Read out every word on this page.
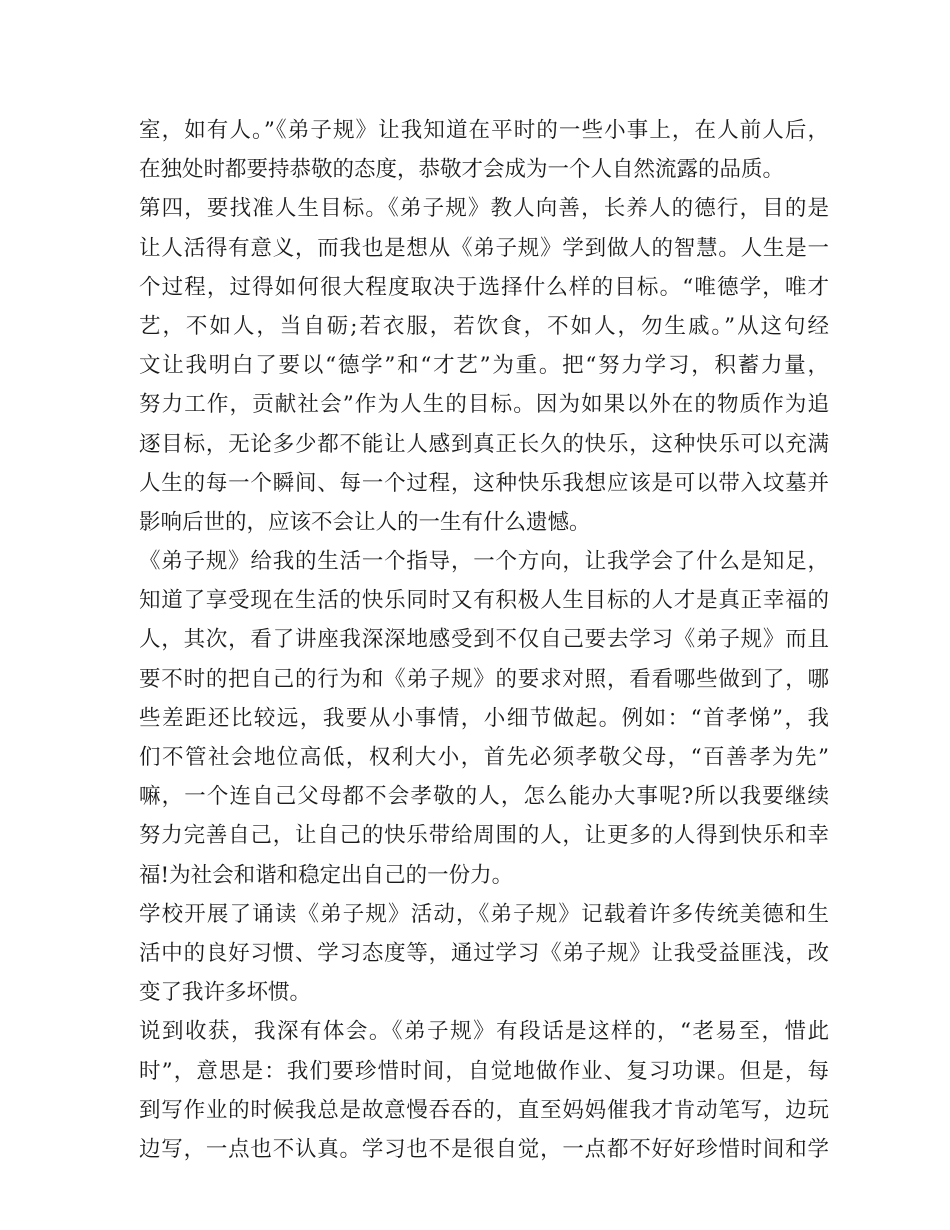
室，如有人。”《弟子规》让我知道在平时的一些小事上，在人前人后，
在独处时都要持恭敬的态度，恭敬才会成为一个人自然流露的品质。
第四，要找准人生目标。《弟子规》教人向善，长养人的德行，目的是
让人活得有意义，而我也是想从《弟子规》学到做人的智慧。人生是一
个过程，过得如何很大程度取决于选择什么样的目标。“唯德学，唯才
艺，不如人，当自砺;若衣服，若饮食，不如人，勿生戚。”从这句经
文让我明白了要以“德学”和“才艺”为重。把“努力学习，积蓄力量，
努力工作，贡献社会”作为人生的目标。因为如果以外在的物质作为追
逐目标，无论多少都不能让人感到真正长久的快乐，这种快乐可以充满
人生的每一个瞬间、每一个过程，这种快乐我想应该是可以带入坟墓并
影响后世的，应该不会让人的一生有什么遗憾。
《弟子规》给我的生活一个指导，一个方向，让我学会了什么是知足，
知道了享受现在生活的快乐同时又有积极人生目标的人才是真正幸福的
人，其次，看了讲座我深深地感受到不仅自己要去学习《弟子规》而且
要不时的把自己的行为和《弟子规》的要求对照，看看哪些做到了，哪
些差距还比较远，我要从小事情，小细节做起。例如：“首孝悌”，我
们不管社会地位高低，权利大小，首先必须孝敬父母，“百善孝为先”
嘛，一个连自己父母都不会孝敬的人，怎么能办大事呢?所以我要继续
努力完善自己，让自己的快乐带给周围的人，让更多的人得到快乐和幸
福!为社会和谐和稳定出自己的一份力。
学校开展了诵读《弟子规》活动，《弟子规》记载着许多传统美德和生
活中的良好习惯、学习态度等，通过学习《弟子规》让我受益匪浅，改
变了我许多坏惯。
说到收获，我深有体会。《弟子规》有段话是这样的，“老易至，惜此
时”，意思是：我们要珍惜时间，自觉地做作业、复习功课。但是，每
到写作业的时候我总是故意慢吞吞的，直至妈妈催我才肯动笔写，边玩
边写，一点也不认真。学习也不是很自觉，一点都不好好珍惜时间和学
